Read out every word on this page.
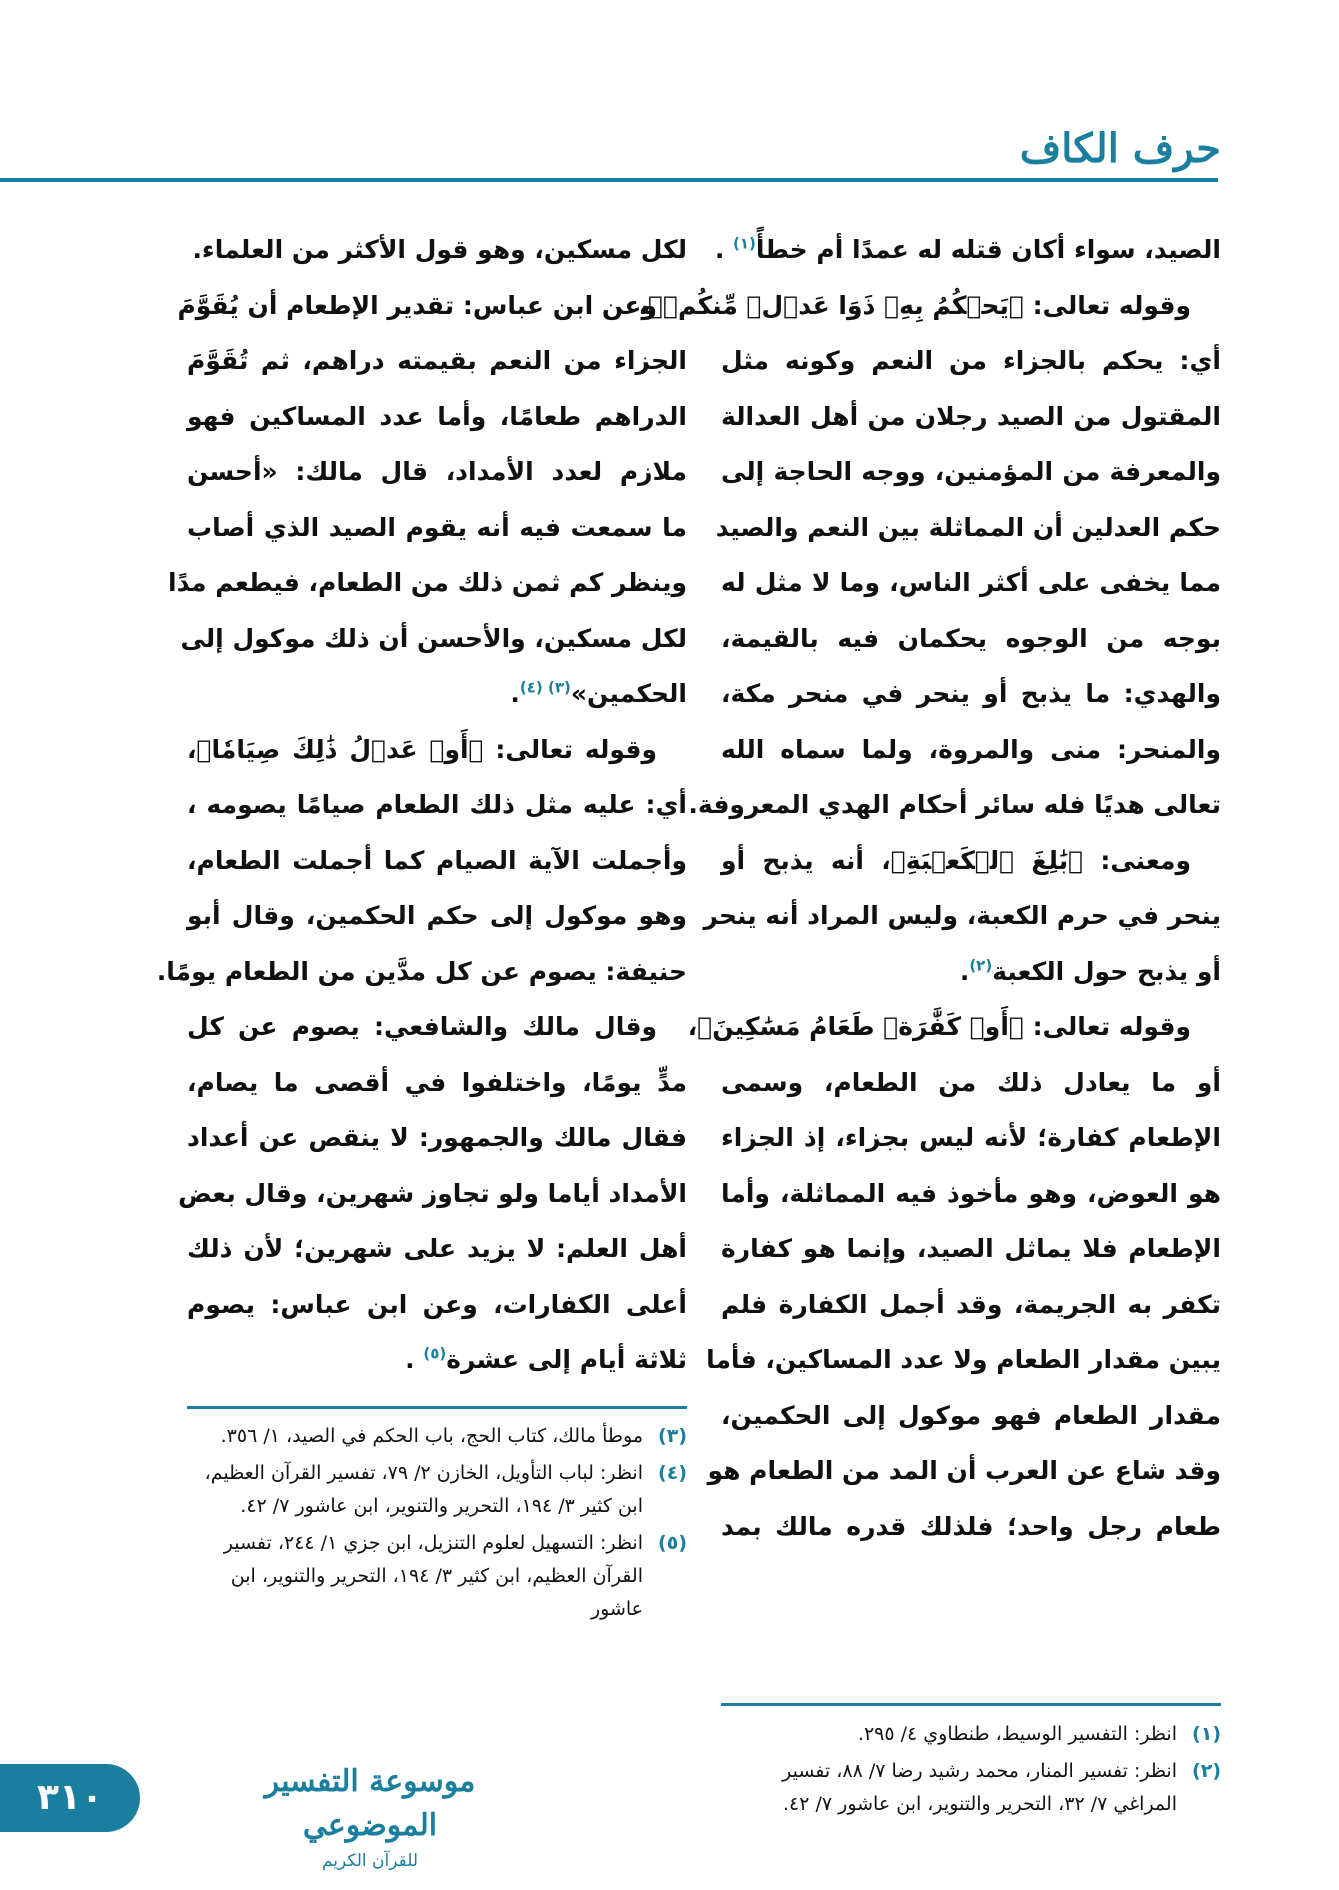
حرف الكاف
الصيد، سواء أكان قتله له عمدًا أم خطأً$^{(١)}$ .
وقوله تعالى: ﴿يَحۡكُمُ بِهِۦ ذَوَا عَدۡلٖ مِّنكُمۡ﴾،
أي: يحكم بالجزاء من النعم وكونه مثل
المقتول من الصيد رجلان من أهل العدالة
والمعرفة من المؤمنين، ووجه الحاجة إلى
حكم العدلين أن المماثلة بين النعم والصيد
مما يخفى على أكثر الناس، وما لا مثل له
بوجه من الوجوه يحكمان فيه بالقيمة،
والهدي: ما يذبح أو ينحر في منحر مكة،
والمنحر: منى والمروة، ولما سماه الله
تعالى هديًا فله سائر أحكام الهدي المعروفة.
ومعنى: ﴿بَٰلِغَ ٱلۡكَعۡبَةِ﴾، أنه يذبح أو
ينحر في حرم الكعبة، وليس المراد أنه ينحر
أو يذبح حول الكعبة$^{(٢)}$.
وقوله تعالى: ﴿أَوۡ كَفَّٰرَةٞ طَعَامُ مَسَٰكِينَ﴾،
أو ما يعادل ذلك من الطعام، وسمى
الإطعام كفارة؛ لأنه ليس بجزاء، إذ الجزاء
هو العوض، وهو مأخوذ فيه المماثلة، وأما
الإطعام فلا يماثل الصيد، وإنما هو كفارة
تكفر به الجريمة، وقد أجمل الكفارة فلم
يبين مقدار الطعام ولا عدد المساكين، فأما
مقدار الطعام فهو موكول إلى الحكمين،
وقد شاع عن العرب أن المد من الطعام هو
طعام رجل واحد؛ فلذلك قدره مالك بمد
لكل مسكين، وهو قول الأكثر من العلماء.
وعن ابن عباس: تقدير الإطعام أن يُقَوَّمَ
الجزاء من النعم بقيمته دراهم، ثم تُقَوَّمَ
الدراهم طعامًا، وأما عدد المساكين فهو
ملازم لعدد الأمداد، قال مالك: «أحسن
ما سمعت فيه أنه يقوم الصيد الذي أصاب
وينظر كم ثمن ذلك من الطعام، فيطعم مدًا
لكل مسكين، والأحسن أن ذلك موكول إلى
الحكمين»$^{(٣) (٤)}$.
وقوله تعالى: ﴿أَوۡ عَدۡلُ ذَٰلِكَ صِيَامٗا﴾،
أي: عليه مثل ذلك الطعام صيامًا يصومه ،
وأجملت الآية الصيام كما أجملت الطعام،
وهو موكول إلى حكم الحكمين، وقال أبو
حنيفة: يصوم عن كل مدَّين من الطعام يومًا.
وقال مالك والشافعي: يصوم عن كل
مدٍّ يومًا، واختلفوا في أقصى ما يصام،
فقال مالك والجمهور: لا ينقص عن أعداد
الأمداد أياما ولو تجاوز شهرين، وقال بعض
أهل العلم: لا يزيد على شهرين؛ لأن ذلك
أعلى الكفارات، وعن ابن عباس: يصوم
ثلاثة أيام إلى عشرة$^{(٥)}$ .
(٣)
موطأ مالك، كتاب الحج، باب الحكم في الصيد، ١/ ٣٥٦.
(٤)
انظر: لباب التأويل، الخازن ٢/ ٧٩، تفسير القرآن العظيم، ابن كثير ٣/ ١٩٤، التحرير والتنوير، ابن عاشور ٧/ ٤٢.
(٥)
انظر: التسهيل لعلوم التنزيل، ابن جزي ١/ ٢٤٤، تفسير القرآن العظيم، ابن كثير ٣/ ١٩٤، التحرير والتنوير، ابن عاشور
(١)
انظر: التفسير الوسيط، طنطاوي ٤/ ٢٩٥.
(٢)
انظر: تفسير المنار، محمد رشيد رضا ٧/ ٨٨، تفسير المراغي ٧/ ٣٢، التحرير والتنوير، ابن عاشور ٧/ ٤٢.
موسوعة التفسير الموضوعي
للقرآن الكريم
٣١٠
